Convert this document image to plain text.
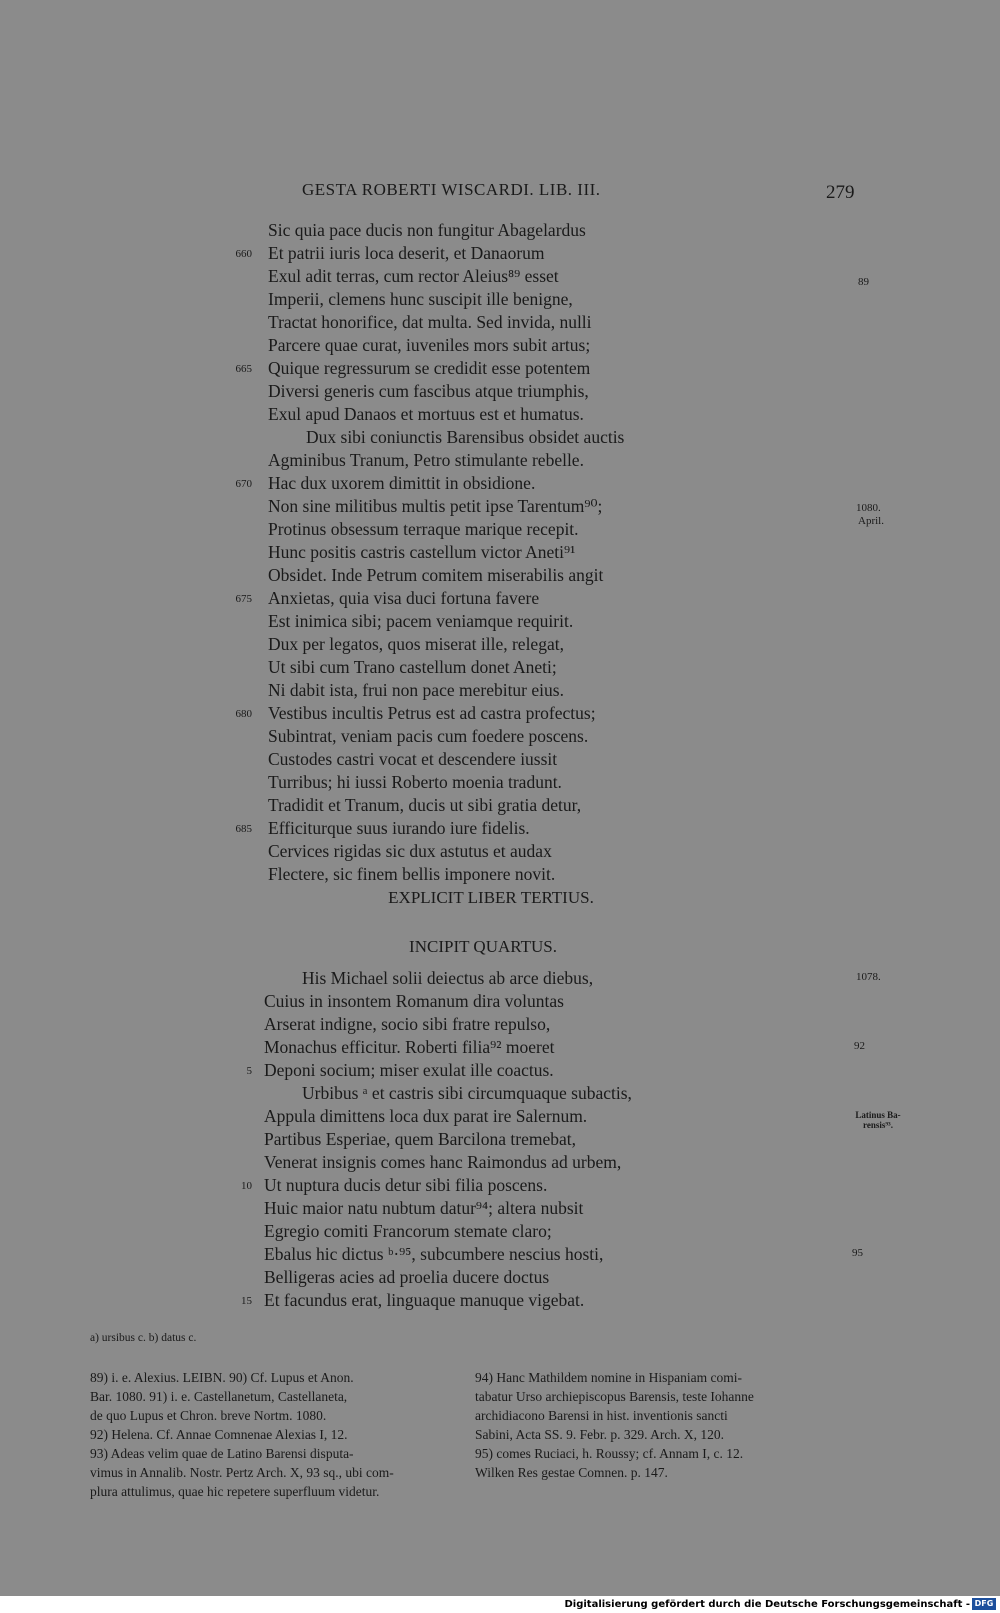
GESTA ROBERTI WISCARDI. LIB. III.	279
Sic quia pace ducis non fungitur Abagelardus
Et patrii iuris loca deserit, et Danaorum
Exul adit terras, cum rector Aleius⁸⁹ esset
Imperii, clemens hunc suscipit ille benigne,
Tractat honorifice, dat multa. Sed invida, nulli
Parcere quae curat, iuveniles mors subit artus;
Quique regressurum se credidit esse potentem
Diversi generis cum fascibus atque triumphis,
Exul apud Danaos et mortuus est et humatus.
Dux sibi coniunctis Barensibus obsidet auctis
Agminibus Tranum, Petro stimulante rebelle.
Hac dux uxorem dimittit in obsidione.
Non sine militibus multis petit ipse Tarentum⁹⁰;
Protinus obsessum terraque marique recepit.
Hunc positis castris castellum victor Aneti⁹¹
Obsidet. Inde Petrum comitem miserabilis angit
Anxietas, quia visa duci fortuna favere
Est inimica sibi; pacem veniamque requirit.
Dux per legatos, quos miserat ille, relegat,
Ut sibi cum Trano castellum donet Aneti;
Ni dabit ista, frui non pace merebitur eius.
Vestibus incultis Petrus est ad castra profectus;
Subintrat, veniam pacis cum foedere poscens.
Custodes castri vocat et descendere iussit
Turribus; hi iussi Roberto moenia tradunt.
Tradidit et Tranum, ducis ut sibi gratia detur,
Efficiturque suus iurando iure fidelis.
Cervices rigidas sic dux astutus et audax
Flectere, sic finem bellis imponere novit.
660
665
670
675
680
685
89
1080.
April.
EXPLICIT LIBER TERTIUS.
INCIPIT QUARTUS.
His Michael solii deiectus ab arce diebus,
Cuius in insontem Romanum dira voluntas
Arserat indigne, socio sibi fratre repulso,
Monachus efficitur. Roberti filia⁹² moeret
Deponi socium; miser exulat ille coactus.
Urbibus ᵃ et castris sibi circumquaque subactis,
Appula dimittens loca dux parat ire Salernum.
Partibus Esperiae, quem Barcilona tremebat,
Venerat insignis comes hanc Raimondus ad urbem,
Ut nuptura ducis detur sibi filia poscens.
Huic maior natu nubtum datur⁹⁴; altera nubsit
Egregio comiti Francorum stemate claro;
Ebalus hic dictus ᵇ·⁹⁵, subcumbere nescius hosti,
Belligeras acies ad proelia ducere doctus
Et facundus erat, linguaque manuque vigebat.
5
10
15
1078.
92
Latinus Ba-
rensis⁹³.
95
a) ursibus c. b) datus c.
89) i. e. Alexius. LEIBN. 90) Cf. Lupus et Anon.
Bar. 1080. 91) i. e. Castellanetum, Castellaneta,
de quo Lupus et Chron. breve Nortm. 1080.
92) Helena. Cf. Annae Comnenae Alexias I, 12.
93) Adeas velim quae de Latino Barensi disputa-
vimus in Annalib. Nostr. Pertz Arch. X, 93 sq., ubi com-
plura attulimus, quae hic repetere superfluum videtur.
94) Hanc Mathildem nomine in Hispaniam comi-
tabatur Urso archiepiscopus Barensis, teste Iohanne
archidiacono Barensi in hist. inventionis sancti
Sabini, Acta SS. 9. Febr. p. 329. Arch. X, 120.
95) comes Ruciaci, h. Roussy; cf. Annam I, c. 12.
Wilken Res gestae Comnen. p. 147.
Digitalisierung gefördert durch die Deutsche Forschungsgemeinschaft - DFG
